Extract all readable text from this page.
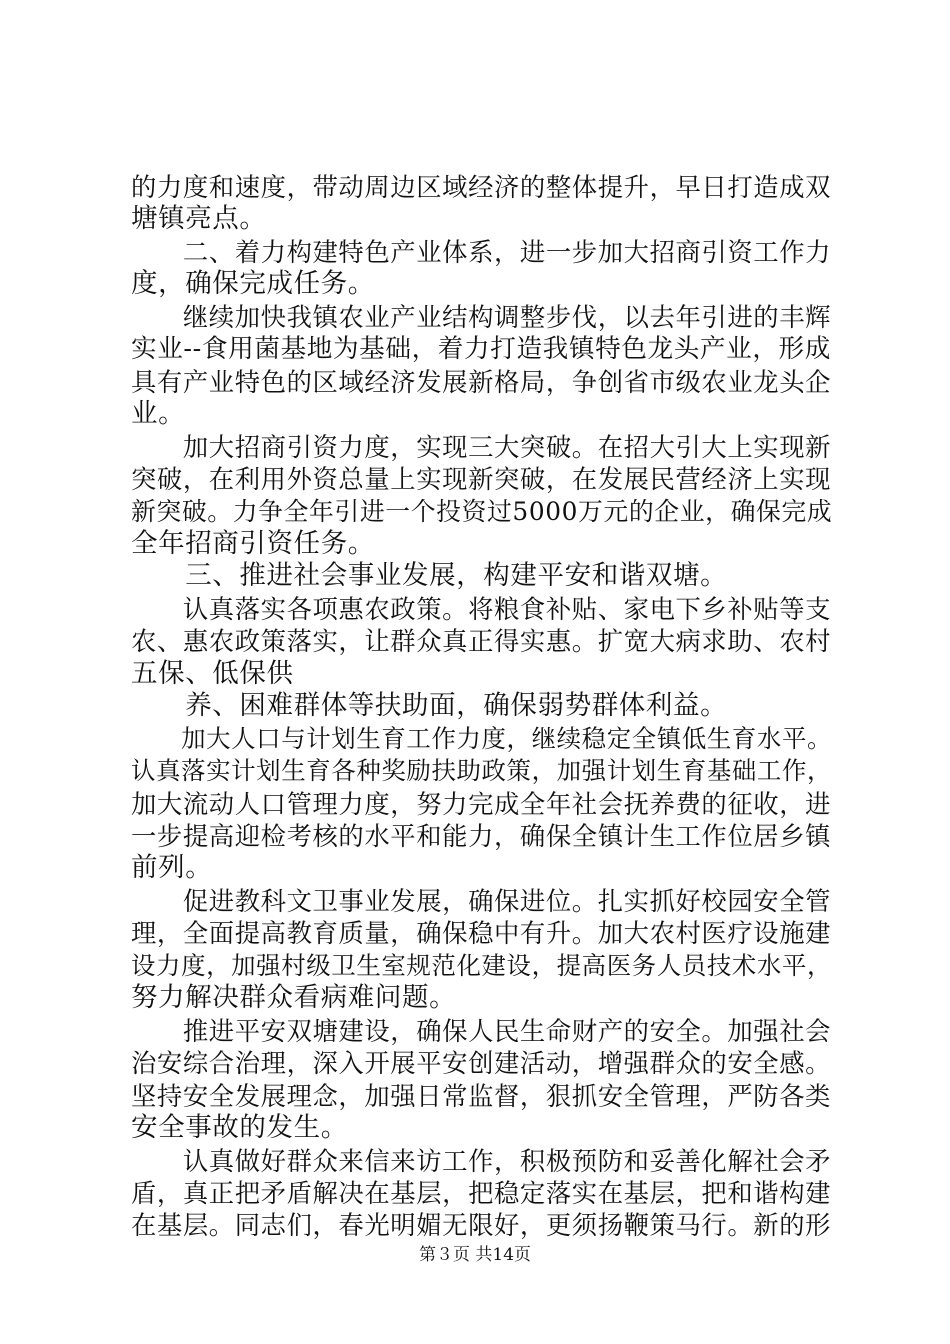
的力度和速度，带动周边区域经济的整体提升，早日打造成双
塘镇亮点。
　　二、着力构建特色产业体系，进一步加大招商引资工作力
度，确保完成任务。
　　继续加快我镇农业产业结构调整步伐，以去年引进的丰辉
实业--食用菌基地为基础，着力打造我镇特色龙头产业，形成
具有产业特色的区域经济发展新格局，争创省市级农业龙头企
业。
　　加大招商引资力度，实现三大突破。在招大引大上实现新
突破，在利用外资总量上实现新突破，在发展民营经济上实现
新突破。力争全年引进一个投资过5000万元的企业，确保完成
全年招商引资任务。
　　三、推进社会事业发展，构建平安和谐双塘。
　　认真落实各项惠农政策。将粮食补贴、家电下乡补贴等支
农、惠农政策落实，让群众真正得实惠。扩宽大病求助、农村
五保、低保供
　　养、困难群体等扶助面，确保弱势群体利益。
　　加大人口与计划生育工作力度，继续稳定全镇低生育水平。
认真落实计划生育各种奖励扶助政策，加强计划生育基础工作，
加大流动人口管理力度，努力完成全年社会抚养费的征收，进
一步提高迎检考核的水平和能力，确保全镇计生工作位居乡镇
前列。
　　促进教科文卫事业发展，确保进位。扎实抓好校园安全管
理，全面提高教育质量，确保稳中有升。加大农村医疗设施建
设力度，加强村级卫生室规范化建设，提高医务人员技术水平，
努力解决群众看病难问题。
　　推进平安双塘建设，确保人民生命财产的安全。加强社会
治安综合治理，深入开展平安创建活动，增强群众的安全感。
坚持安全发展理念，加强日常监督，狠抓安全管理，严防各类
安全事故的发生。
　　认真做好群众来信来访工作，积极预防和妥善化解社会矛
盾，真正把矛盾解决在基层，把稳定落实在基层，把和谐构建
在基层。同志们，春光明媚无限好，更须扬鞭策马行。新的形
第３页 共14页
